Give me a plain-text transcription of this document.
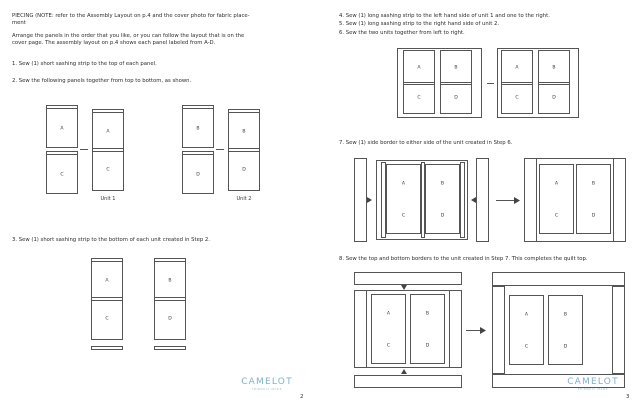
PIECING (NOTE: refer to the Assembly Layout on p.4 and the cover photo for fabric place-
ment
Arrange the panels in the order that you like, or you can follow the layout that is on the
cover page. The assembly layout on p.4 shows each panel labeled from A-D.
1. Sew (1) short sashing strip to the top of each panel.
2. Sew the following panels together from top to bottom, as shown.
A
C
A
C
Unit 1
B
D
B
D
Unit 2
3. Sew (1) short sashing strip to the bottom of each unit created in Step 2.
A
C
B
D
CAMELOT
FRIENDLY MADE
2
4. Sew (1) long sashing strip to the left hand side of unit 1 and one to the right.
5. Sew (1) long sashing strip to the right hand side of unit 2.
6. Sew the two units together from left to right.
A
C
B
D
A
C
B
D
7. Sew (1) side border to either side of the unit created in Step 6.
A
C
B
D
A
C
B
D
8. Sew the top and bottom borders to the unit created in Step 7. This completes the quilt top.
A
C
B
D
A
C
B
D
CAMELOT
FRIENDLY MADE
3
